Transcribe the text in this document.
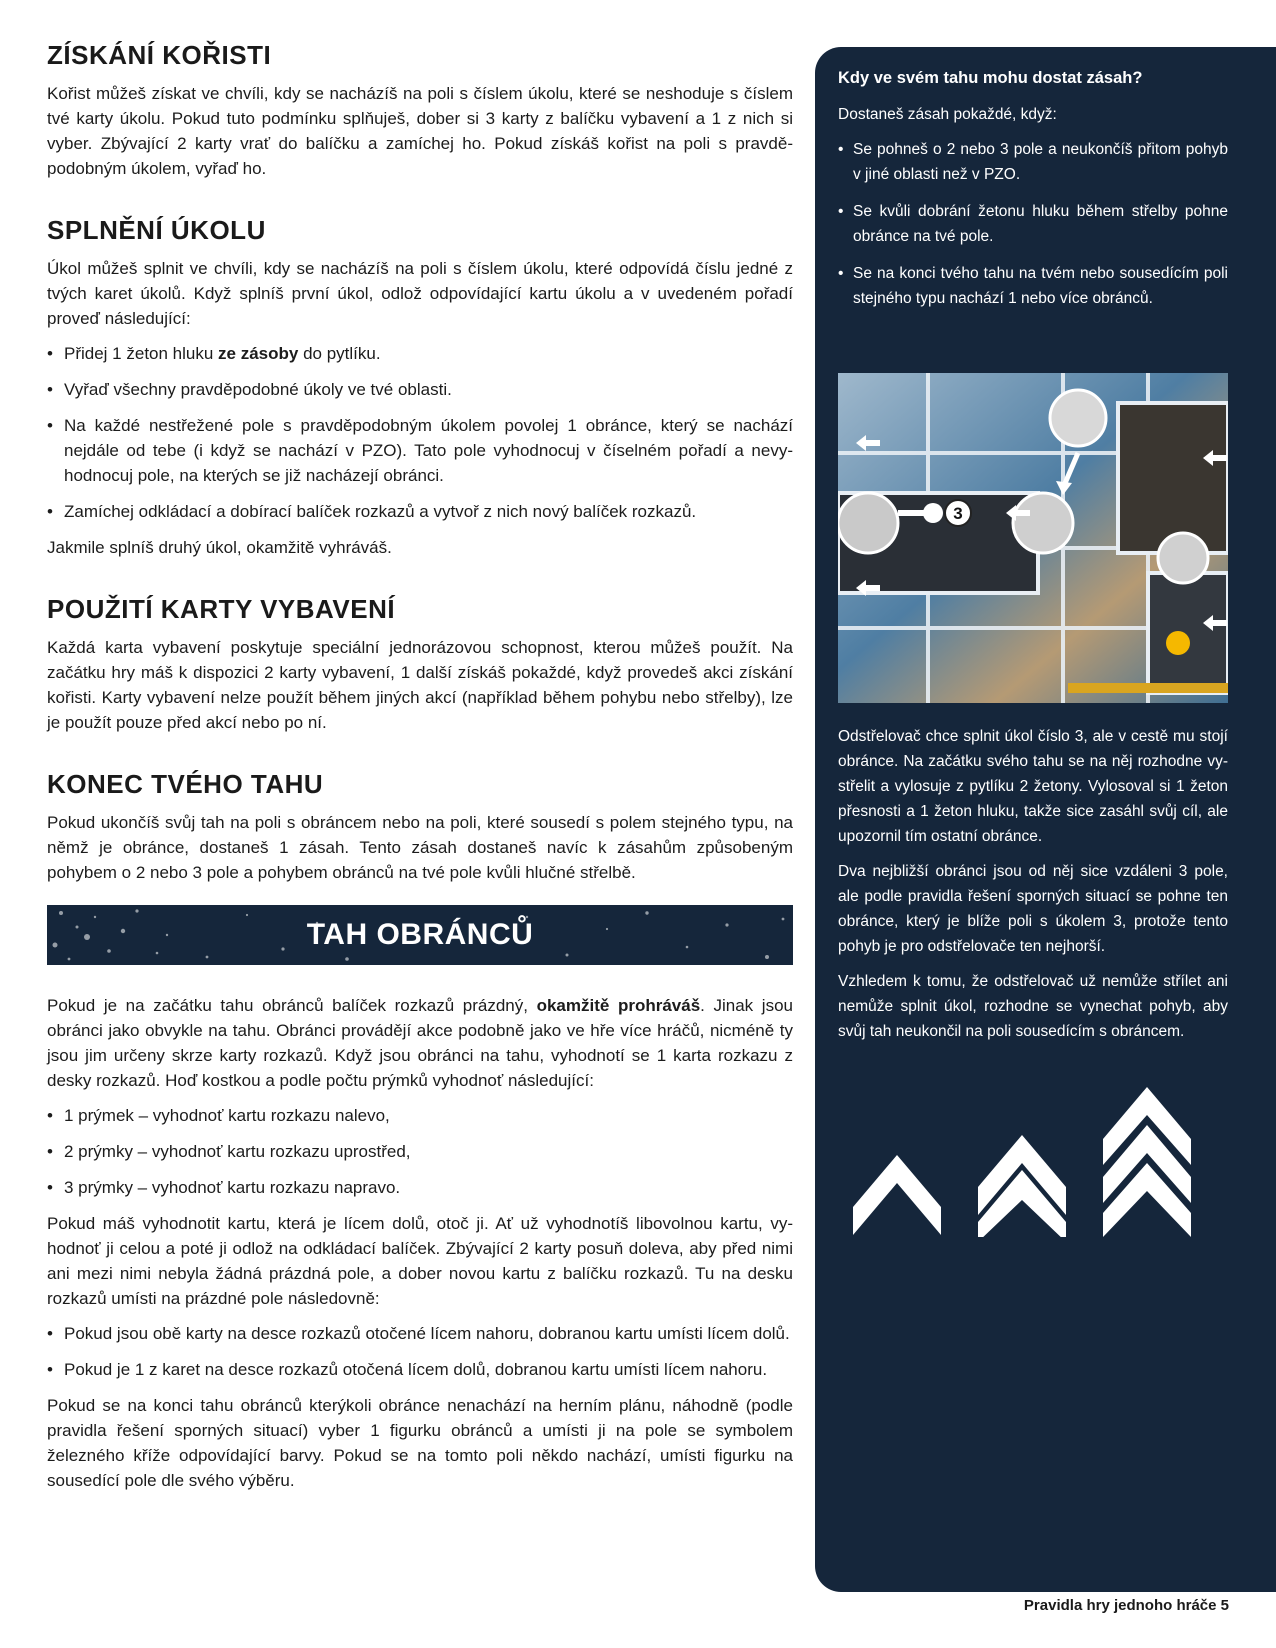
ZÍSKÁNÍ KOŘISTI

Kořist můžeš získat ve chvíli, kdy se nacházíš na poli s číslem úkolu, které se neshoduje s číslem tvé karty úkolu. Pokud tuto podmínku splňuješ, dober si 3 karty z balíčku vybavení a 1 z nich si vyber. Zbývající 2 karty vrať do balíčku a zamíchej ho. Pokud získáš kořist na poli s pravděpodobným úkolem, vyřaď ho.

SPLNĚNÍ ÚKOLU

Úkol můžeš splnit ve chvíli, kdy se nacházíš na poli s číslem úkolu, které odpovídá číslu jedné z tvých karet úkolů. Když splníš první úkol, odlož odpovídající kartu úkolu a v uvedeném pořadí proveď následující:

• Přidej 1 žeton hluku ze zásoby do pytlíku.
• Vyřaď všechny pravděpodobné úkoly ve tvé oblasti.
• Na každé nestřežené pole s pravděpodobným úkolem povolej 1 obránce, který se nachází nejdále od tebe (i když se nachází v PZO). Tato pole vyhodnocuj v číselném pořadí a nevyhodnocuj pole, na kterých se již nacházejí obránci.
• Zamíchej odkládací a dobírací balíček rozkazů a vytvoř z nich nový balíček rozkazů.

Jakmile splníš druhý úkol, okamžitě vyhráváš.

POUŽITÍ KARTY VYBAVENÍ

Každá karta vybavení poskytuje speciální jednorázovou schopnost, kterou můžeš použít. Na začátku hry máš k dispozici 2 karty vybavení, 1 další získáš pokaždé, když provedeš akci získání kořisti. Karty vybavení nelze použít během jiných akcí (například během pohybu nebo střelby), lze je použít pouze před akcí nebo po ní.

KONEC TVÉHO TAHU

Pokud ukončíš svůj tah na poli s obráncem nebo na poli, které sousedí s polem stejného typu, na němž je obránce, dostaneš 1 zásah. Tento zásah dostaneš navíc k zásahům způsobeným pohybem o 2 nebo 3 pole a pohybem obránců na tvé pole kvůli hlučné střelbě.

TAH OBRÁNCŮ

Pokud je na začátku tahu obránců balíček rozkazů prázdný, okamžitě prohráváš. Jinak jsou obránci jako obvykle na tahu. Obránci provádějí akce podobně jako ve hře více hráčů, nicméně ty jsou jim určeny skrze karty rozkazů. Když jsou obránci na tahu, vyhodnotí se 1 karta rozkazu z desky rozkazů. Hoď kostkou a podle počtu prýmků vyhodnoť následující:

• 1 prýmek – vyhodnoť kartu rozkazu nalevo,
• 2 prýmky – vyhodnoť kartu rozkazu uprostřed,
• 3 prýmky – vyhodnoť kartu rozkazu napravo.

Pokud máš vyhodnotit kartu, která je lícem dolů, otoč ji. Ať už vyhodnotíš libovolnou kartu, vyhodnoť ji celou a poté ji odlož na odkládací balíček. Zbývající 2 karty posuň doleva, aby před nimi ani mezi nimi nebyla žádná prázdná pole, a dober novou kartu z balíčku rozkazů. Tu na desku rozkazů umísti na prázdné pole následovně:

• Pokud jsou obě karty na desce rozkazů otočené lícem nahoru, dobranou kartu umísti lícem dolů.
• Pokud je 1 z karet na desce rozkazů otočená lícem dolů, dobranou kartu umísti lícem nahoru.

Pokud se na konci tahu obránců kterýkoli obránce nenachází na herním plánu, náhodně (podle pravidla řešení sporných situací) vyber 1 figurku obránců a umísti ji na pole se symbolem železného kříže odpovídající barvy. Pokud se na tomto poli někdo nachází, umísti figurku na sousedící pole dle svého výběru.

Kdy ve svém tahu mohu dostat zásah?

Dostaneš zásah pokaždé, když:

• Se pohneš o 2 nebo 3 pole a neukončíš přitom pohyb v jiné oblasti než v PZO.
• Se kvůli dobrání žetonu hluku během střelby pohne obránce na tvé pole.
• Se na konci tvého tahu na tvém nebo sousedícím poli stejného typu nachází 1 nebo více obránců.
3

Odstřelovač chce splnit úkol číslo 3, ale v cestě mu stojí obránce. Na začátku svého tahu se na něj rozhodne vystřelit a vylosuje z pytlíku 2 žetony. Vylosoval si 1 žeton přesnosti a 1 žeton hluku, takže sice zasáhl svůj cíl, ale upozornil tím ostatní obránce.

Dva nejbližší obránci jsou od něj sice vzdáleni 3 pole, ale podle pravidla řešení sporných situací se pohne ten obránce, který je blíže poli s úkolem 3, protože tento pohyb je pro odstřelovače ten nejhorší.

Vzhledem k tomu, že odstřelovač už nemůže střílet ani nemůže splnit úkol, rozhodne se vynechat pohyb, aby svůj tah neukončil na poli sousedícím s obráncem.

Pravidla hry jednoho hráče 5
